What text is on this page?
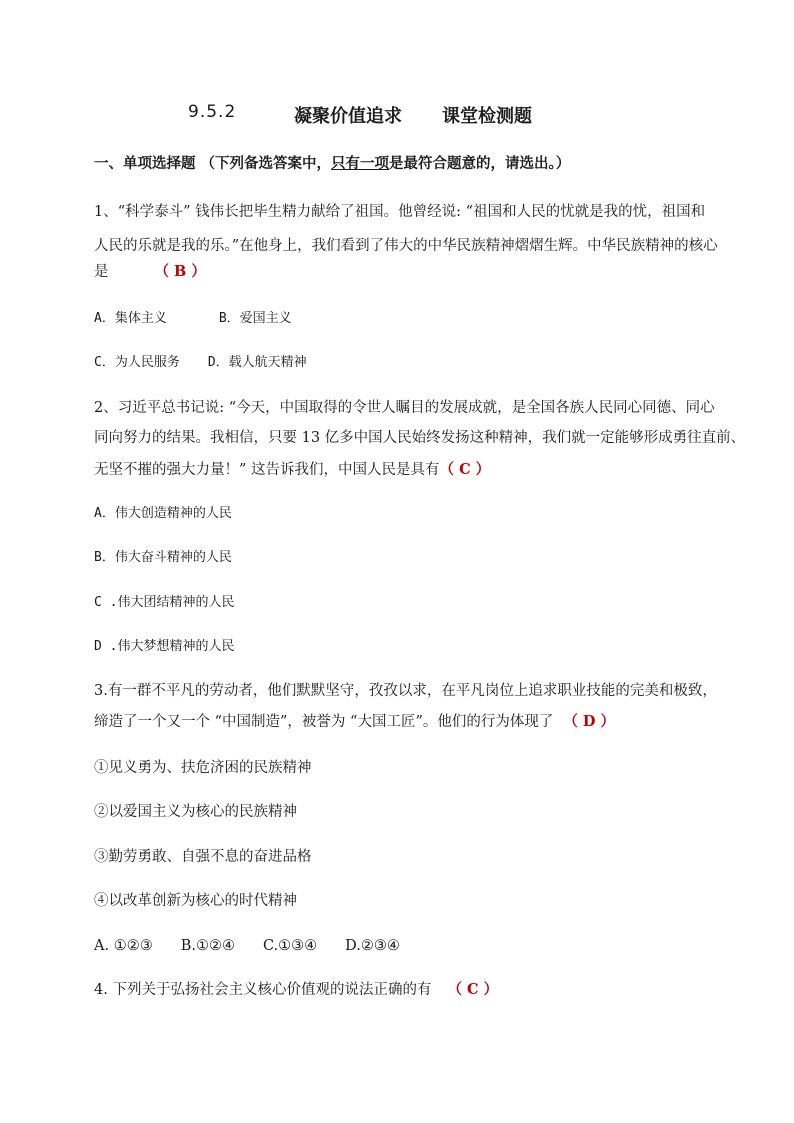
9.5.2	凝聚价值追求 课堂检测题
一、单项选择题 （下列备选答案中，只有一项是最符合题意的，请选出。）
1、“科学泰斗” 钱伟长把毕生精力献给了祖国。他曾经说: “祖国和人民的忧就是我的忧，祖国和
人民的乐就是我的乐。”在他身上，我们看到了伟大的中华民族精神熠熠生辉。中华民族精神的核心
是	（ B ）
A．集体主义	B．爱国主义
C．为人民服务 D．载人航天精神
2、习近平总书记说: “今天，中国取得的令世人瞩目的发展成就，是全国各族人民同心同德、同心
同向努力的结果。我相信，只要 13 亿多中国人民始终发扬这种精神，我们就一定能够形成勇往直前、
无坚不摧的强大力量！” 这告诉我们，中国人民是具有（ C ）
A．伟大创造精神的人民
B．伟大奋斗精神的人民
C .伟大团结精神的人民
D .伟大梦想精神的人民
3.有一群不平凡的劳动者，他们默默坚守，孜孜以求，在平凡岗位上追求职业技能的完美和极致，
缔造了一个又一个 “中国制造”，被誉为 “大国工匠”。他们的行为体现了 （ D ）
①见义勇为、扶危济困的民族精神
②以爱国主义为核心的民族精神
③勤劳勇敢、自强不息的奋进品格
④以改革创新为核心的时代精神
A. ①②③ B.①②④ C.①③④ D.②③④
4. 下列关于弘扬社会主义核心价值观的说法正确的有 （ C ）
